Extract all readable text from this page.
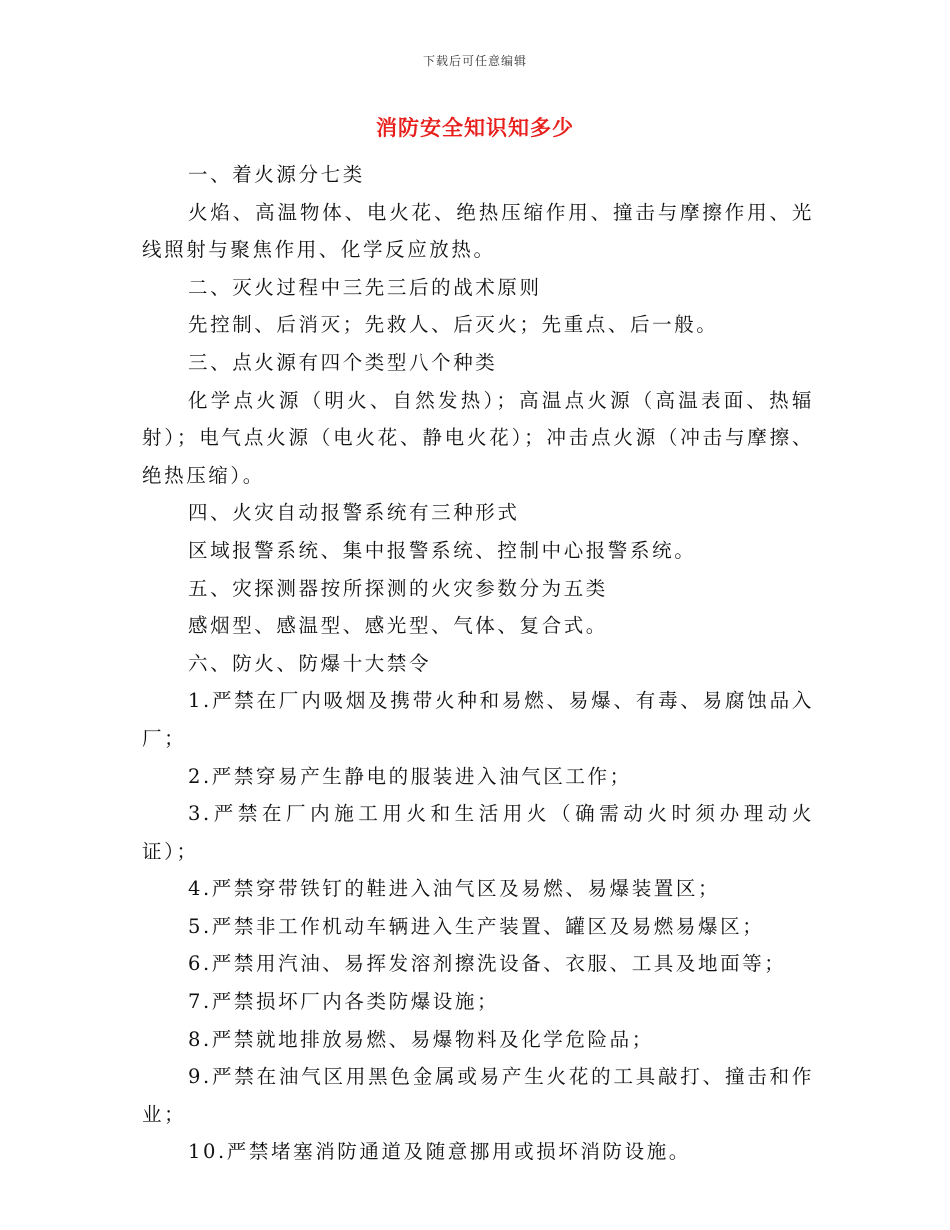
下载后可任意编辑
消防安全知识知多少

一、着火源分七类

火焰、高温物体、电火花、绝热压缩作用、撞击与摩擦作用、光线照射与聚焦作用、化学反应放热。

二、灭火过程中三先三后的战术原则

先控制、后消灭；先救人、后灭火；先重点、后一般。

三、点火源有四个类型八个种类

化学点火源（明火、自然发热）；高温点火源（高温表面、热辐射）；电气点火源（电火花、静电火花）；冲击点火源（冲击与摩擦、绝热压缩）。

四、火灾自动报警系统有三种形式

区域报警系统、集中报警系统、控制中心报警系统。

五、灾探测器按所探测的火灾参数分为五类

感烟型、感温型、感光型、气体、复合式。

六、防火、防爆十大禁令

1.严禁在厂内吸烟及携带火种和易燃、易爆、有毒、易腐蚀品入厂；

2.严禁穿易产生静电的服装进入油气区工作；

3.严禁在厂内施工用火和生活用火（确需动火时须办理动火证）；

4.严禁穿带铁钉的鞋进入油气区及易燃、易爆装置区；

5.严禁非工作机动车辆进入生产装置、罐区及易燃易爆区；

6.严禁用汽油、易挥发溶剂擦洗设备、衣服、工具及地面等；

7.严禁损坏厂内各类防爆设施；

8.严禁就地排放易燃、易爆物料及化学危险品；

9.严禁在油气区用黑色金属或易产生火花的工具敲打、撞击和作业；

10.严禁堵塞消防通道及随意挪用或损坏消防设施。
